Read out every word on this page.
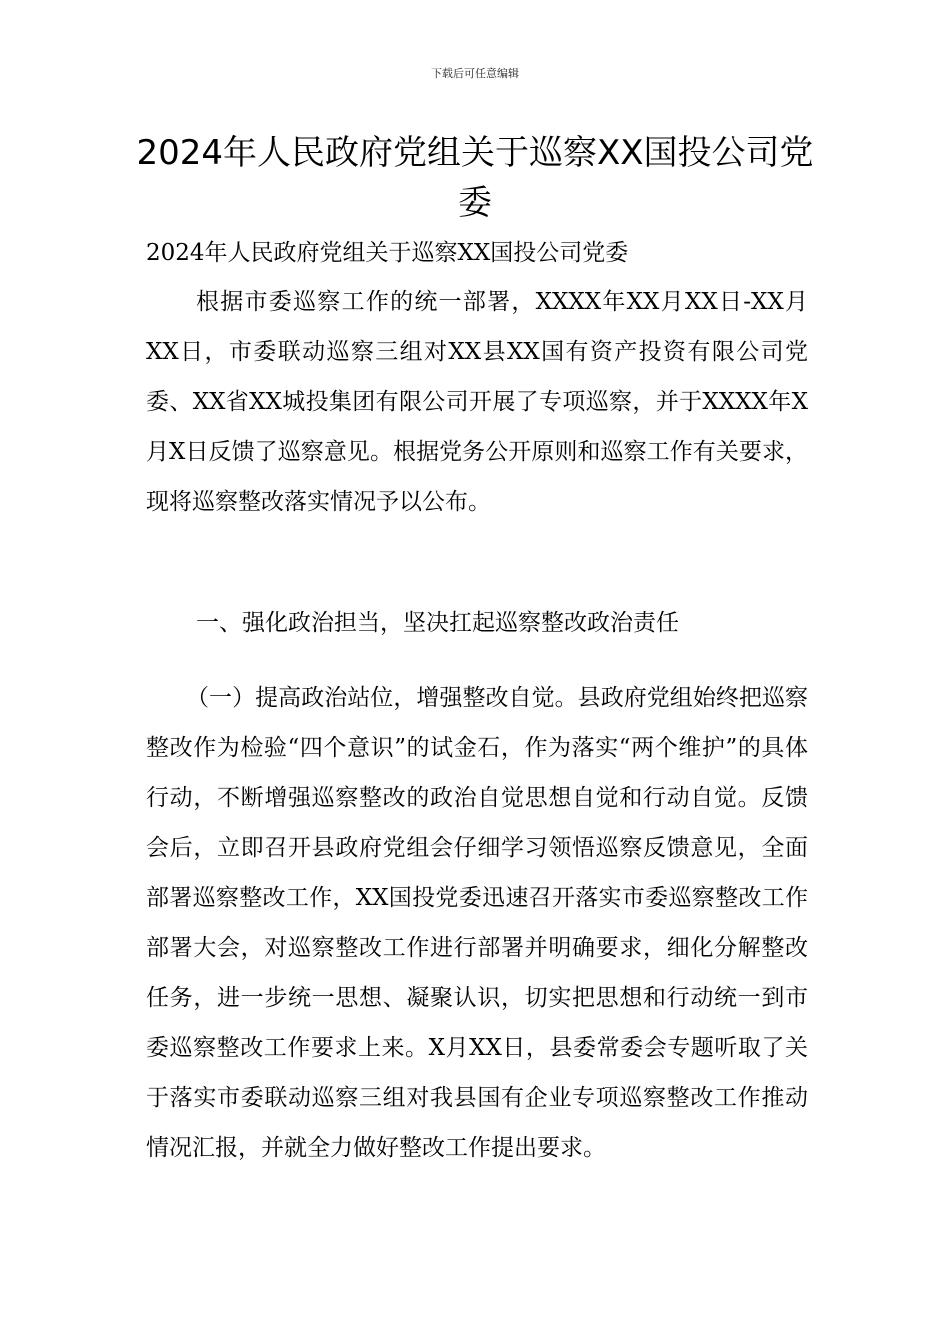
下载后可任意编辑
2024年人民政府党组关于巡察XX国投公司党委

2024年人民政府党组关于巡察XX国投公司党委

根据市委巡察工作的统一部署，XXXX年XX月XX日-XX月XX日，市委联动巡察三组对XX县XX国有资产投资有限公司党委、XX省XX城投集团有限公司开展了专项巡察，并于XXXX年X月X日反馈了巡察意见。根据党务公开原则和巡察工作有关要求，现将巡察整改落实情况予以公布。

一、强化政治担当，坚决扛起巡察整改政治责任

（一）提高政治站位，增强整改自觉。县政府党组始终把巡察整改作为检验“四个意识”的试金石，作为落实“两个维护”的具体行动，不断增强巡察整改的政治自觉思想自觉和行动自觉。反馈会后，立即召开县政府党组会仔细学习领悟巡察反馈意见，全面部署巡察整改工作，XX国投党委迅速召开落实市委巡察整改工作部署大会，对巡察整改工作进行部署并明确要求，细化分解整改任务，进一步统一思想、凝聚认识，切实把思想和行动统一到市委巡察整改工作要求上来。X月XX日，县委常委会专题听取了关于落实市委联动巡察三组对我县国有企业专项巡察整改工作推动情况汇报，并就全力做好整改工作提出要求。
